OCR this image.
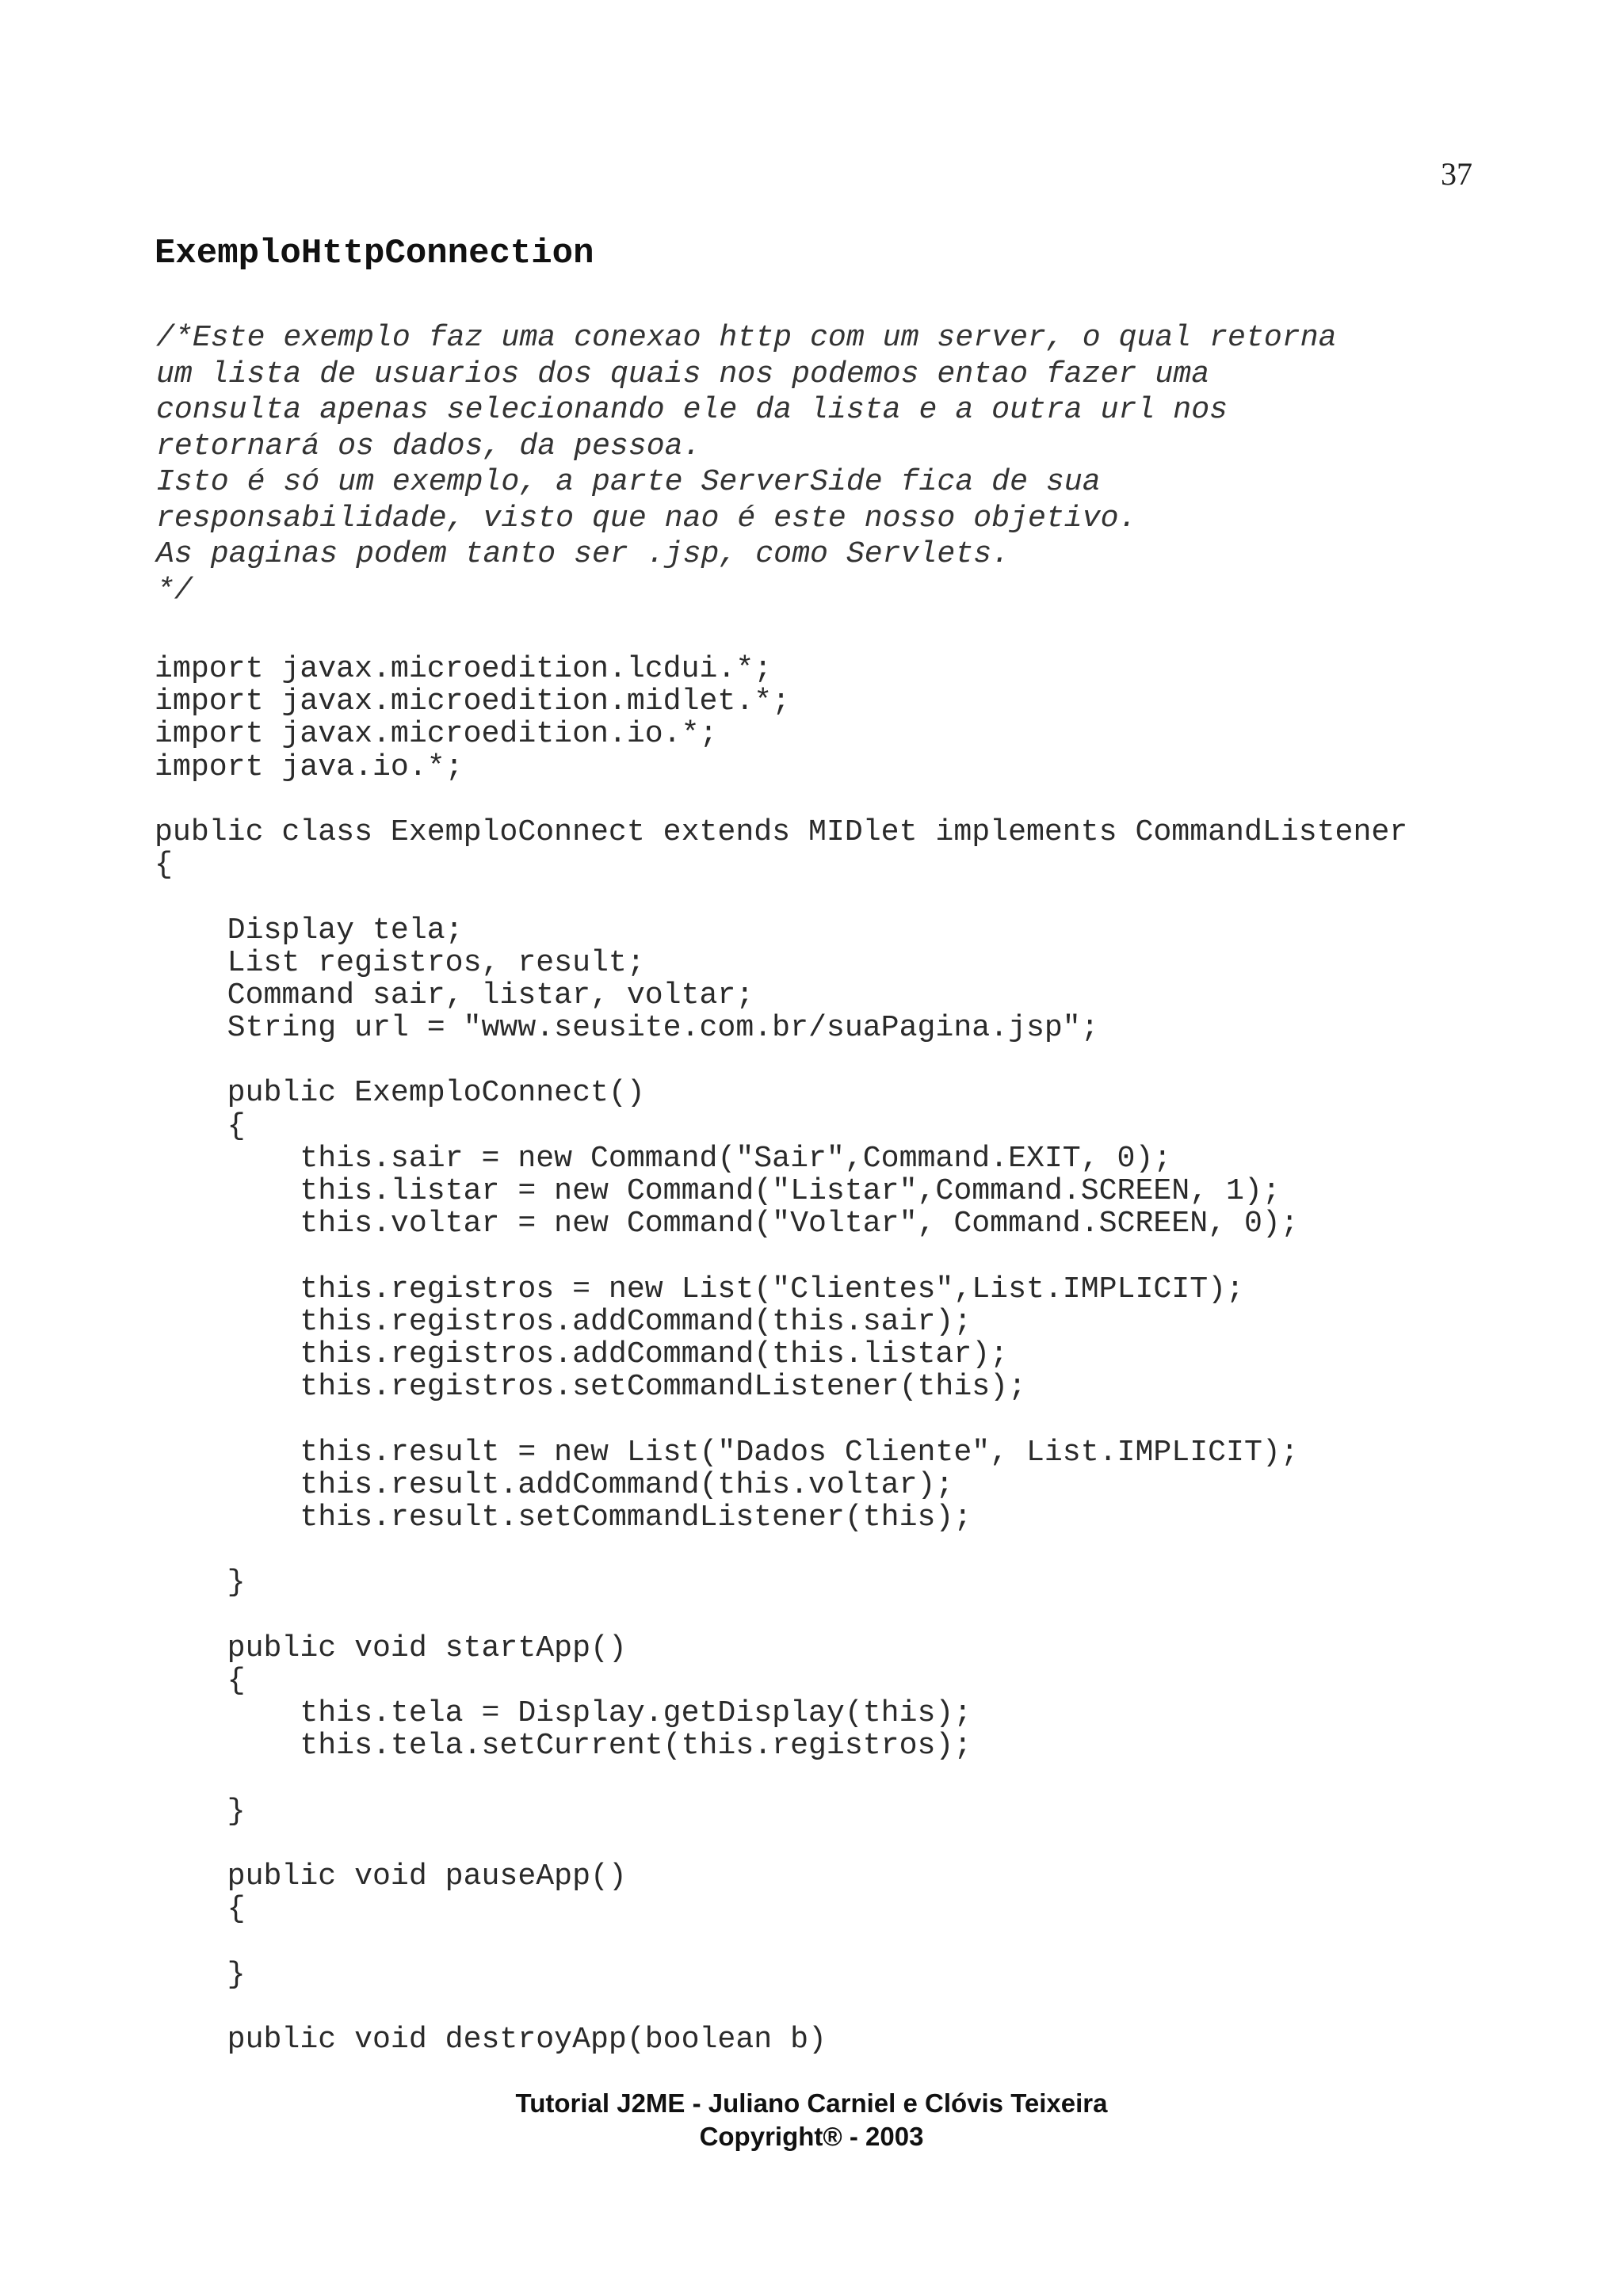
37
ExemploHttpConnection
/*Este exemplo faz uma conexao http com um server, o qual retorna
um lista de usuarios dos quais nos podemos entao fazer uma
consulta apenas selecionando ele da lista e a outra url nos
retornará os dados, da pessoa.
Isto é só um exemplo, a parte ServerSide fica de sua
responsabilidade, visto que nao é este nosso objetivo.
As paginas podem tanto ser .jsp, como Servlets.
*/
import javax.microedition.lcdui.*;
import javax.microedition.midlet.*;
import javax.microedition.io.*;
import java.io.*;
public class ExemploConnect extends MIDlet implements CommandListener
{
Display tela;
List registros, result;
Command sair, listar, voltar;
String url = "www.seusite.com.br/suaPagina.jsp";
public ExemploConnect()
{
this.sair = new Command("Sair",Command.EXIT, 0);
this.listar = new Command("Listar",Command.SCREEN, 1);
this.voltar = new Command("Voltar", Command.SCREEN, 0);
this.registros = new List("Clientes",List.IMPLICIT);
this.registros.addCommand(this.sair);
this.registros.addCommand(this.listar);
this.registros.setCommandListener(this);
this.result = new List("Dados Cliente", List.IMPLICIT);
this.result.addCommand(this.voltar);
this.result.setCommandListener(this);
}
public void startApp()
{
this.tela = Display.getDisplay(this);
this.tela.setCurrent(this.registros);
}
public void pauseApp()
{
}
public void destroyApp(boolean b)
Tutorial J2ME - Juliano Carniel e Clóvis Teixeira
Copyright® - 2003
